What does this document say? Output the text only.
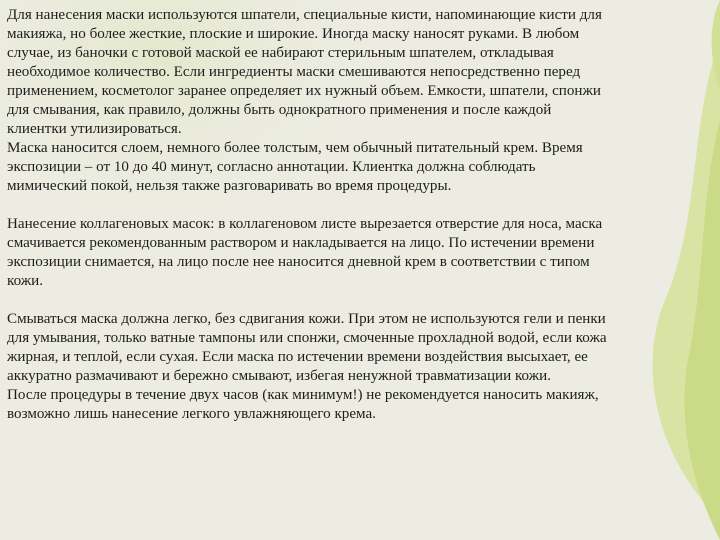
Для нанесения маски используются шпатели, специальные кисти, напоминающие кисти для
макияжа, но более жесткие, плоские и широкие. Иногда маску наносят руками. В любом
случае, из баночки с готовой маской ее набирают стерильным шпателем, откладывая
необходимое количество. Если ингредиенты маски смешиваются непосредственно перед
применением, косметолог заранее определяет их нужный объем. Емкости, шпатели, спонжи
для смывания, как правило, должны быть однократного применения и после каждой
клиентки утилизироваться.
Маска наносится слоем, немного более толстым, чем обычный питательный крем. Время
экспозиции – от 10 до 40 минут, согласно аннотации. Клиентка должна соблюдать
мимический покой, нельзя также разговаривать во время процедуры.
Нанесение коллагеновых масок: в коллагеновом листе вырезается отверстие для носа, маска
смачивается рекомендованным раствором и накладывается на лицо. По истечении времени
экспозиции снимается, на лицо после нее наносится дневной крем в соответствии с типом
кожи.
Смываться маска должна легко, без сдвигания кожи. При этом не используются гели и пенки
для умывания, только ватные тампоны или спонжи, смоченные прохладной водой, если кожа
жирная, и теплой, если сухая. Если маска по истечении времени воздействия высыхает, ее
аккуратно размачивают и бережно смывают, избегая ненужной травматизации кожи.
После процедуры в течение двух часов (как минимум!) не рекомендуется наносить макияж,
возможно лишь нанесение легкого увлажняющего крема.
